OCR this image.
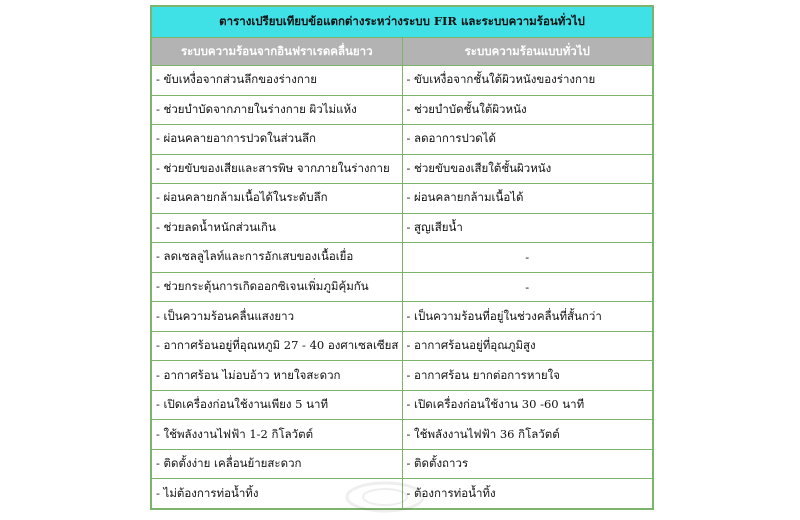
ตารางเปรียบเทียบข้อแตกต่างระหว่างระบบ FIR และระบบความร้อนทั่วไป	
ระบบความร้อนจากอินฟราเรดคลื่นยาว	ระบบความร้อนแบบทั่วไป
- ขับเหงื่อจากส่วนลึกของร่างกาย	- ขับเหงื่อจากชั้นใต้ผิวหนังของร่างกาย
- ช่วยบำบัดจากภายในร่างกาย ผิวไม่แห้ง	- ช่วยบำบัดชั้นใต้ผิวหนัง
- ผ่อนคลายอาการปวดในส่วนลึก	- ลดอาการปวดได้
- ช่วยขับของเสียและสารพิษ จากภายในร่างกาย	- ช่วยขับของเสียใต้ชั้นผิวหนัง
- ผ่อนคลายกล้ามเนื้อได้ในระดับลึก	- ผ่อนคลายกล้ามเนื้อได้
- ช่วยลดน้ำหนักส่วนเกิน	- สูญเสียน้ำ
- ลดเซลลูไลท์และการอักเสบของเนื้อเยื่อ	-
- ช่วยกระตุ้นการเกิดออกซิเจนเพิ่มภูมิคุ้มกัน	-
- เป็นความร้อนคลื่นแสงยาว	- เป็นความร้อนที่อยู่ในช่วงคลื่นที่สั้นกว่า
- อากาศร้อนอยู่ที่อุณหภูมิ 27 - 40 องศาเซลเซียส	- อากาศร้อนอยู่ที่อุณภูมิสูง
- อากาศร้อน ไม่อบอ้าว หายใจสะดวก	- อากาศร้อน ยากต่อการหายใจ
- เปิดเครื่องก่อนใช้งานเพียง 5 นาที	- เปิดเครื่องก่อนใช้งาน 30 -60 นาที
- ใช้พลังงานไฟฟ้า 1-2 กิโลวัตต์	- ใช้พลังงานไฟฟ้า 36 กิโลวัตต์
- ติดตั้งง่าย เคลื่อนย้ายสะดวก	- ติดตั้งถาวร
- ไม่ต้องการท่อน้ำทิ้ง	- ต้องการท่อน้ำทิ้ง
